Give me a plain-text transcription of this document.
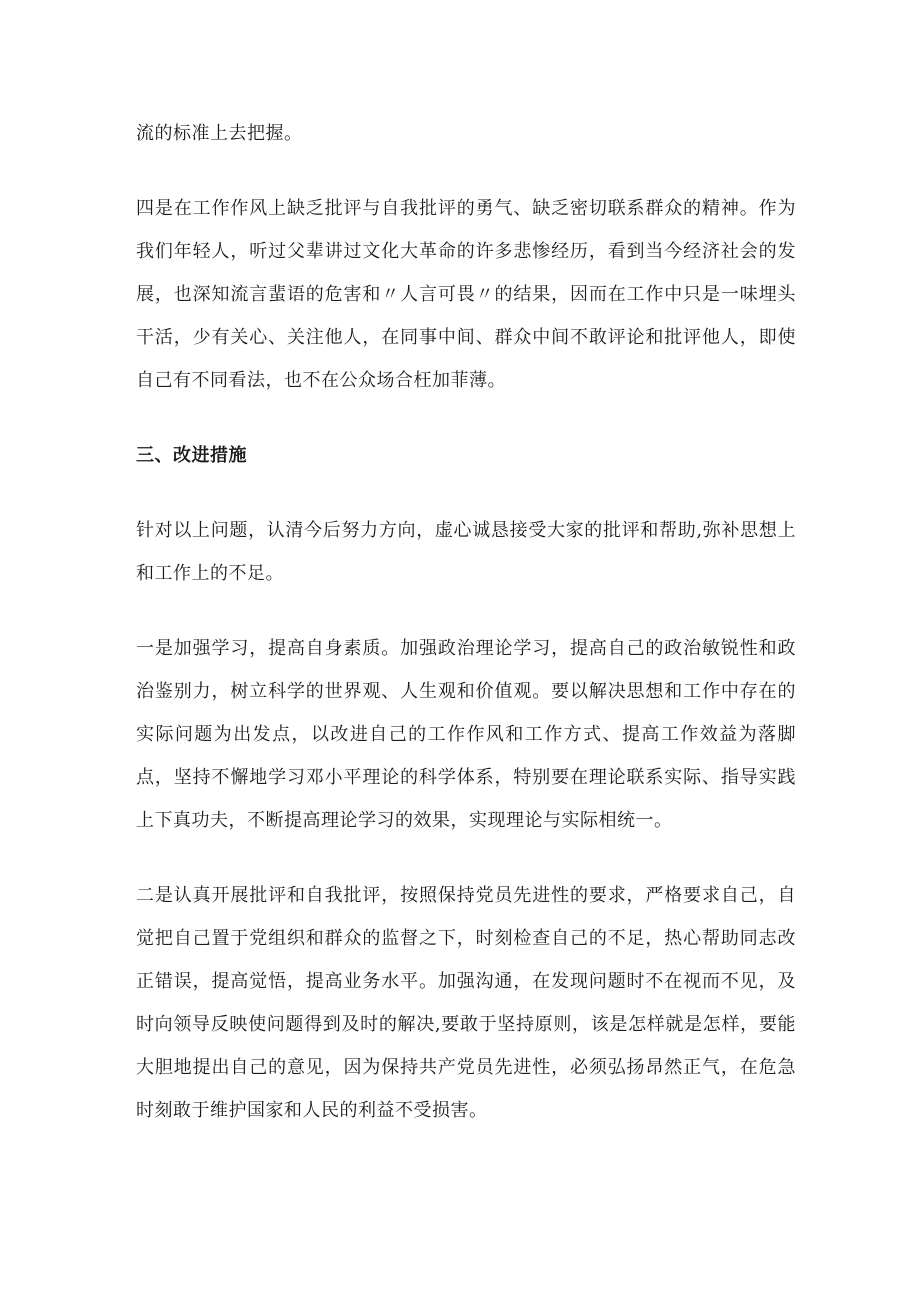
流的标准上去把握。

四是在工作作风上缺乏批评与自我批评的勇气、缺乏密切联系群众的精神。作为我们年轻人，听过父辈讲过文化大革命的许多悲惨经历，看到当今经济社会的发展，也深知流言蜚语的危害和〃人言可畏〃的结果，因而在工作中只是一味埋头干活，少有关心、关注他人，在同事中间、群众中间不敢评论和批评他人，即使自己有不同看法，也不在公众场合枉加菲薄。

三、改进措施

针对以上问题，认清今后努力方向，虚心诚恳接受大家的批评和帮助,弥补思想上和工作上的不足。

一是加强学习，提高自身素质。加强政治理论学习，提高自己的政治敏锐性和政治鉴别力，树立科学的世界观、人生观和价值观。要以解决思想和工作中存在的实际问题为出发点，以改进自己的工作作风和工作方式、提高工作效益为落脚点，坚持不懈地学习邓小平理论的科学体系，特别要在理论联系实际、指导实践上下真功夫，不断提高理论学习的效果，实现理论与实际相统一。

二是认真开展批评和自我批评，按照保持党员先进性的要求，严格要求自己，自觉把自己置于党组织和群众的监督之下，时刻检查自己的不足，热心帮助同志改正错误，提高觉悟，提高业务水平。加强沟通，在发现问题时不在视而不见，及时向领导反映使问题得到及时的解决,要敢于坚持原则，该是怎样就是怎样，要能大胆地提出自己的意见，因为保持共产党员先进性，必须弘扬昂然正气，在危急时刻敢于维护国家和人民的利益不受损害。
